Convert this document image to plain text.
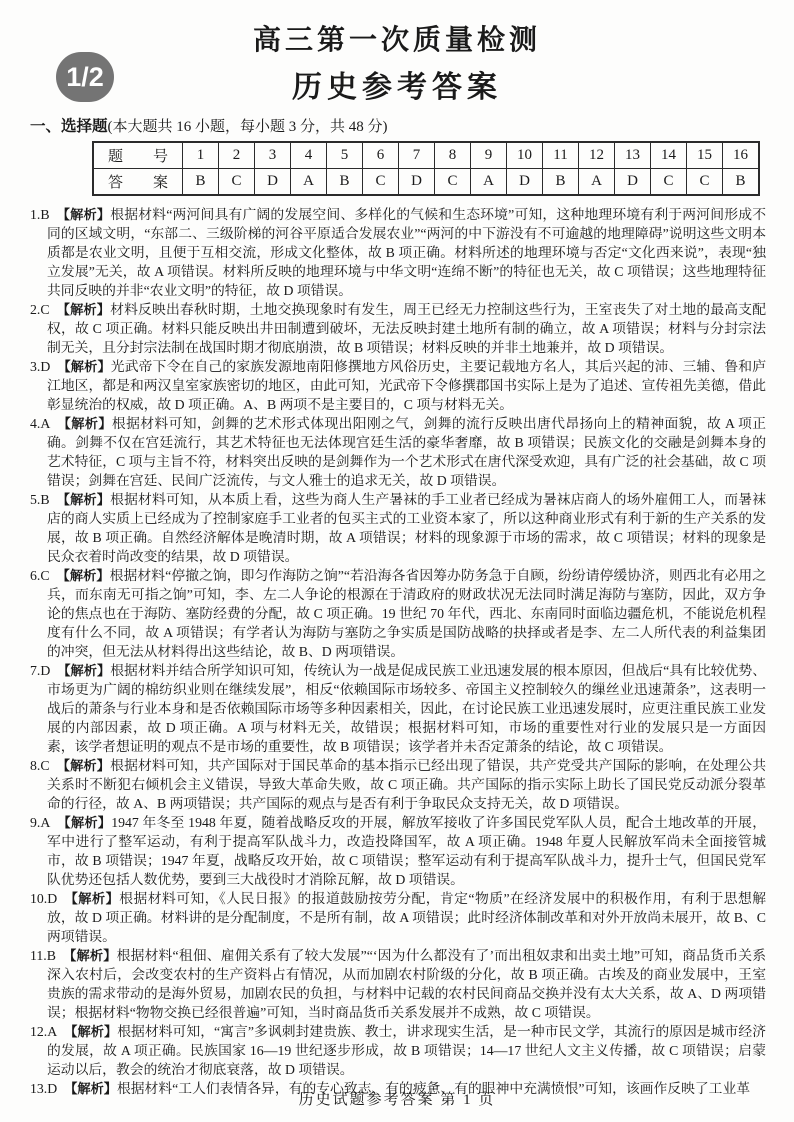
1/2
高三第一次质量检测
历史参考答案
一、选择题(本大题共 16 小题，每小题 3 分，共 48 分)
题　　号	1	2	3	4	5	6	7	8	9	10	11	12	13	14	15	16
答　　案	B	C	D	A	B	C	D	C	A	D	B	A	D	C	C	B

1.B 【解析】根据材料“两河间具有广阔的发展空间、多样化的气候和生态环境”可知，这种地理环境有利于两河间形成不同的区域文明，“东部二、三级阶梯的河谷平原适合发展农业”“两河的中下游没有不可逾越的地理障碍”说明这些文明本质都是农业文明，且便于互相交流，形成文化整体，故 B 项正确。材料所述的地理环境与否定“文化西来说”，表现“独立发展”无关，故 A 项错误。材料所反映的地理环境与中华文明“连绵不断”的特征也无关，故 C 项错误；这些地理特征共同反映的并非“农业文明”的特征，故 D 项错误。

2.C 【解析】材料反映出春秋时期，土地交换现象时有发生，周王已经无力控制这些行为，王室丧失了对土地的最高支配权，故 C 项正确。材料只能反映出井田制遭到破坏，无法反映封建土地所有制的确立，故 A 项错误；材料与分封宗法制无关，且分封宗法制在战国时期才彻底崩溃，故 B 项错误；材料反映的并非土地兼并，故 D 项错误。

3.D 【解析】光武帝下令在自己的家族发源地南阳修撰地方风俗历史，主要记载地方名人，其后兴起的沛、三辅、鲁和庐江地区，都是和两汉皇室家族密切的地区，由此可知，光武帝下令修撰郡国书实际上是为了追述、宣传祖先美德，借此彰显统治的权威，故 D 项正确。A、B 两项不是主要目的，C 项与材料无关。

4.A 【解析】根据材料可知，剑舞的艺术形式体现出阳刚之气，剑舞的流行反映出唐代昂扬向上的精神面貌，故 A 项正确。剑舞不仅在宫廷流行，其艺术特征也无法体现宫廷生活的豪华奢靡，故 B 项错误；民族文化的交融是剑舞本身的艺术特征，C 项与主旨不符，材料突出反映的是剑舞作为一个艺术形式在唐代深受欢迎，具有广泛的社会基础，故 C 项错误；剑舞在宫廷、民间广泛流传，与文人雅士的追求无关，故 D 项错误。

5.B 【解析】根据材料可知，从本质上看，这些为商人生产暑袜的手工业者已经成为暑袜店商人的场外雇佣工人，而暑袜店的商人实质上已经成为了控制家庭手工业者的包买主式的工业资本家了，所以这种商业形式有利于新的生产关系的发展，故 B 项正确。自然经济解体是晚清时期，故 A 项错误；材料的现象源于市场的需求，故 C 项错误；材料的现象是民众衣着时尚改变的结果，故 D 项错误。

6.C 【解析】根据材料“停撤之饷，即匀作海防之饷”“若沿海各省因筹办防务急于自顾，纷纷请停缓协济，则西北有必用之兵，而东南无可指之饷”可知，李、左二人争论的根源在于清政府的财政状况无法同时满足海防与塞防，因此，双方争论的焦点也在于海防、塞防经费的分配，故 C 项正确。19 世纪 70 年代，西北、东南同时面临边疆危机，不能说危机程度有什么不同，故 A 项错误；有学者认为海防与塞防之争实质是国防战略的抉择或者是李、左二人所代表的利益集团的冲突，但无法从材料得出这些结论，故 B、D 两项错误。

7.D 【解析】根据材料并结合所学知识可知，传统认为一战是促成民族工业迅速发展的根本原因，但战后“具有比较优势、市场更为广阔的棉纺织业则在继续发展”，相反“依赖国际市场较多、帝国主义控制较久的缫丝业迅速萧条”，这表明一战后的萧条与行业本身和是否依赖国际市场等多种因素相关，因此，在讨论民族工业迅速发展时，应更注重民族工业发展的内部因素，故 D 项正确。A 项与材料无关，故错误；根据材料可知，市场的重要性对行业的发展只是一方面因素，该学者想证明的观点不是市场的重要性，故 B 项错误；该学者并未否定萧条的结论，故 C 项错误。

8.C 【解析】根据材料可知，共产国际对于国民革命的基本指示已经出现了错误，共产党受共产国际的影响，在处理公共关系时不断犯右倾机会主义错误，导致大革命失败，故 C 项正确。共产国际的指示实际上助长了国民党反动派分裂革命的行径，故 A、B 两项错误；共产国际的观点与是否有利于争取民众支持无关，故 D 项错误。

9.A 【解析】1947 年冬至 1948 年夏，随着战略反攻的开展，解放军接收了许多国民党军队人员，配合土地改革的开展，军中进行了整军运动，有利于提高军队战斗力，改造投降国军，故 A 项正确。1948 年夏人民解放军尚未全面接管城市，故 B 项错误；1947 年夏，战略反攻开始，故 C 项错误；整军运动有利于提高军队战斗力，提升士气，但国民党军队优势还包括人数优势，要到三大战役时才消除瓦解，故 D 项错误。

10.D 【解析】根据材料可知，《人民日报》的报道鼓励按劳分配，肯定“物质”在经济发展中的积极作用，有利于思想解放，故 D 项正确。材料讲的是分配制度，不是所有制，故 A 项错误；此时经济体制改革和对外开放尚未展开，故 B、C 两项错误。

11.B 【解析】根据材料“租佃、雇佣关系有了较大发展”“‘因为什么都没有了’而出租奴隶和出卖土地”可知，商品货币关系深入农村后，会改变农村的生产资料占有情况，从而加剧农村阶级的分化，故 B 项正确。古埃及的商业发展中，王室贵族的需求带动的是海外贸易，加剧农民的负担，与材料中记载的农村民间商品交换并没有太大关系，故 A、D 两项错误；根据材料“物物交换已经很普遍”可知，当时商品货币关系发展并不成熟，故 C 项错误。

12.A 【解析】根据材料可知，“寓言”多讽刺封建贵族、教士，讲求现实生活，是一种市民文学，其流行的原因是城市经济的发展，故 A 项正确。民族国家 16—19 世纪逐步形成，故 B 项错误；14—17 世纪人文主义传播，故 C 项错误；启蒙运动以后，教会的统治才彻底衰落，故 D 项错误。

13.D 【解析】根据材料“工人们表情各异，有的专心致志、有的疲惫、有的眼神中充满愤恨”可知，该画作反映了工业革

历史试题参考答案 第 1 页
